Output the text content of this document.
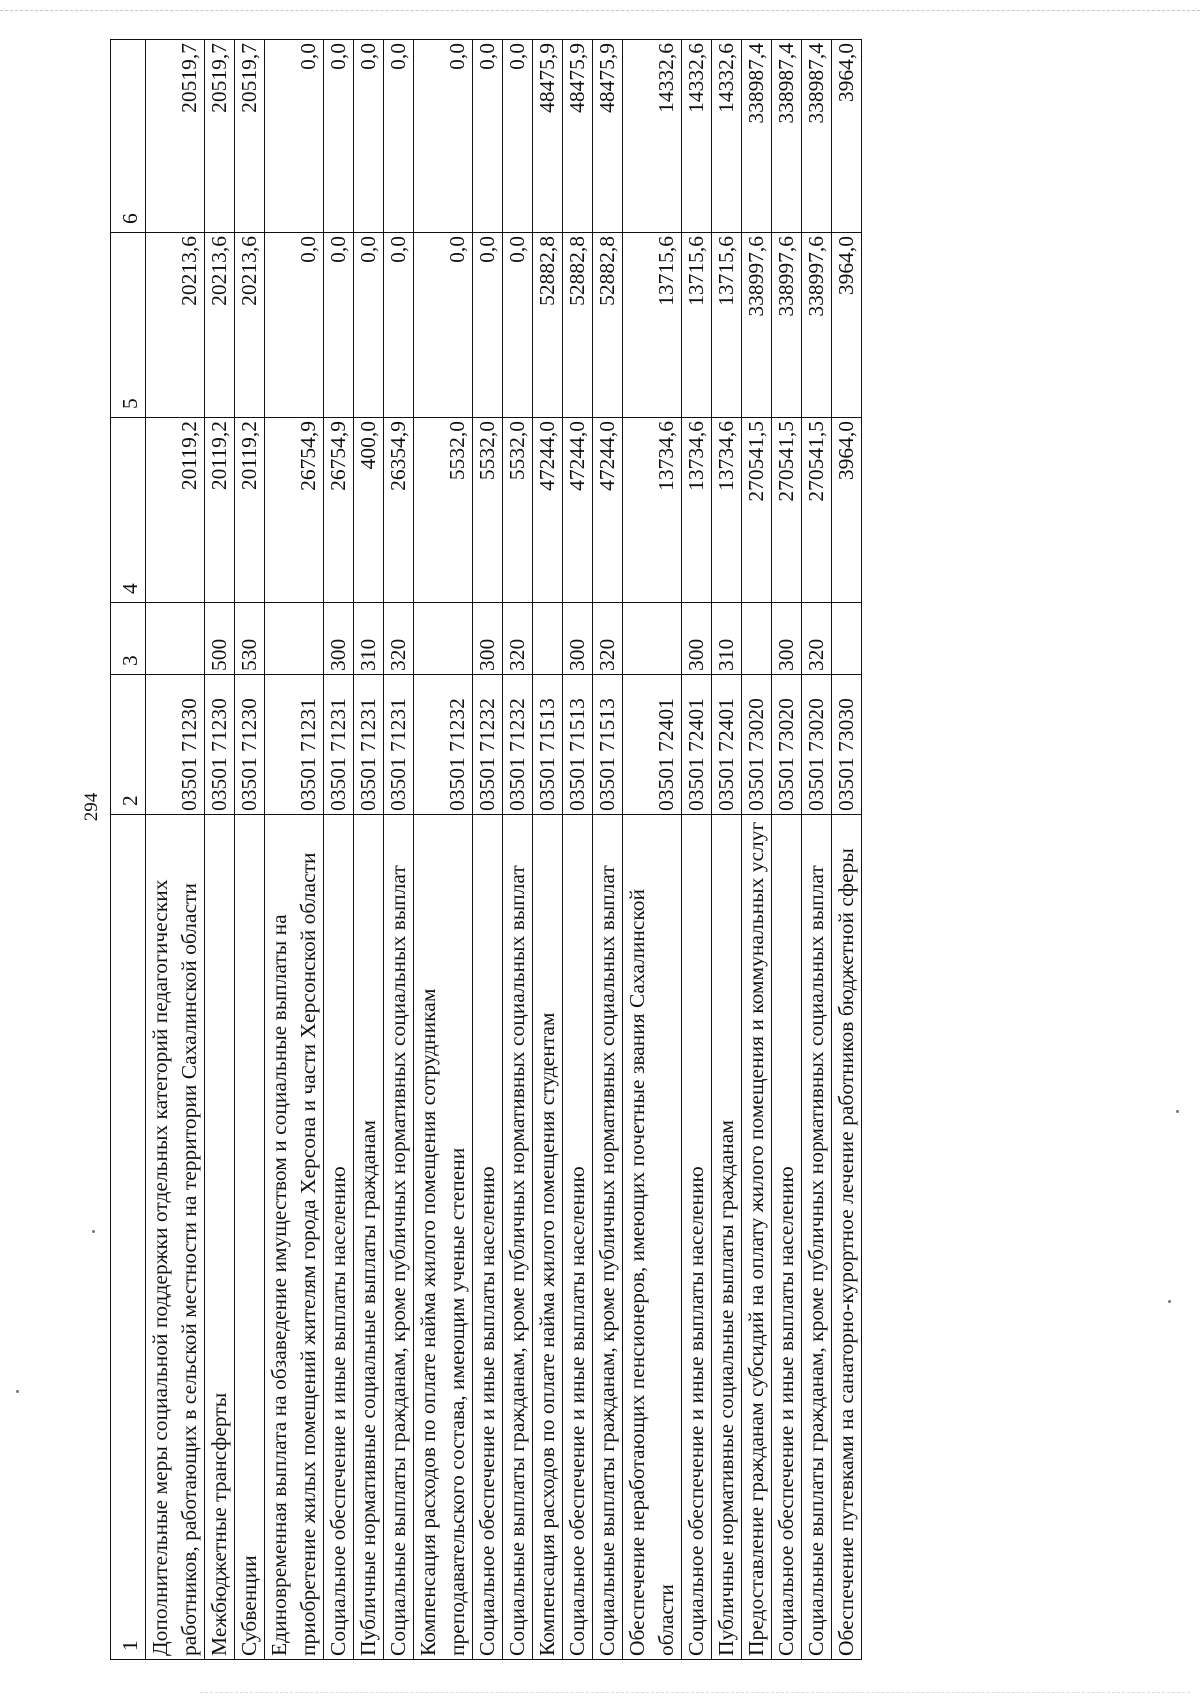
294
1	2	3	4	5	6
Дополнительные меры социальной поддержки отдельных категорий педагогических работников, работающих в сельской местности на территории Сахалинской области	03501 71230		20119,2	20213,6	20519,7
Межбюджетные трансферты	03501 71230	500	20119,2	20213,6	20519,7
Субвенции	03501 71230	530	20119,2	20213,6	20519,7
Единовременная выплата на обзаведение имуществом и социальные выплаты на приобретение жилых помещений жителям города Херсона и части Херсонской области	03501 71231		26754,9	0,0	0,0
Социальное обеспечение и иные выплаты населению	03501 71231	300	26754,9	0,0	0,0
Публичные нормативные социальные выплаты гражданам	03501 71231	310	400,0	0,0	0,0
Социальные выплаты гражданам, кроме публичных нормативных социальных выплат	03501 71231	320	26354,9	0,0	0,0
Компенсация расходов по оплате найма жилого помещения сотрудникам преподавательского состава, имеющим ученые степени	03501 71232		5532,0	0,0	0,0
Социальное обеспечение и иные выплаты населению	03501 71232	300	5532,0	0,0	0,0
Социальные выплаты гражданам, кроме публичных нормативных социальных выплат	03501 71232	320	5532,0	0,0	0,0
Компенсация расходов по оплате найма жилого помещения студентам	03501 71513		47244,0	52882,8	48475,9
Социальное обеспечение и иные выплаты населению	03501 71513	300	47244,0	52882,8	48475,9
Социальные выплаты гражданам, кроме публичных нормативных социальных выплат	03501 71513	320	47244,0	52882,8	48475,9
Обеспечение неработающих пенсионеров, имеющих почетные звания Сахалинской области	03501 72401		13734,6	13715,6	14332,6
Социальное обеспечение и иные выплаты населению	03501 72401	300	13734,6	13715,6	14332,6
Публичные нормативные социальные выплаты гражданам	03501 72401	310	13734,6	13715,6	14332,6
Предоставление гражданам субсидий на оплату жилого помещения и коммунальных услуг	03501 73020		270541,5	338997,6	338987,4
Социальное обеспечение и иные выплаты населению	03501 73020	300	270541,5	338997,6	338987,4
Социальные выплаты гражданам, кроме публичных нормативных социальных выплат	03501 73020	320	270541,5	338997,6	338987,4
Обеспечение путевками на санаторно-курортное лечение работников бюджетной сферы	03501 73030		3964,0	3964,0	3964,0
